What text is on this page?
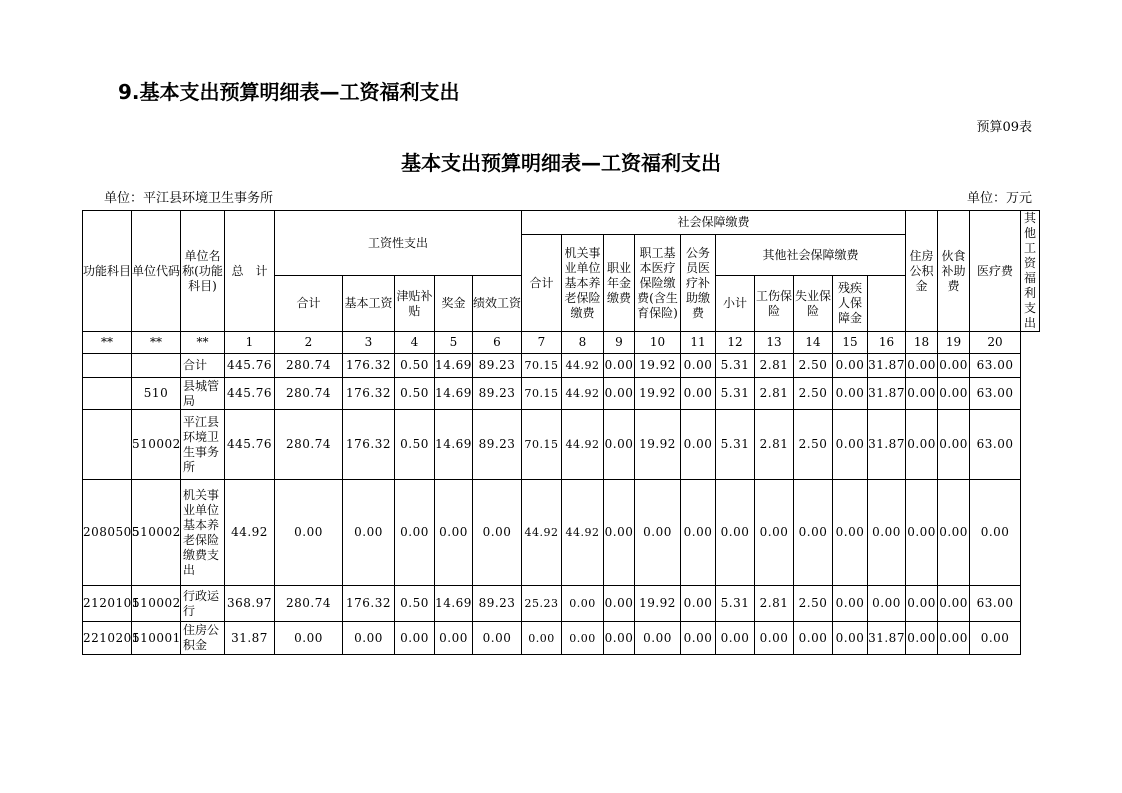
9.基本支出预算明细表—工资福利支出
预算09表
基本支出预算明细表—工资福利支出
单位：平江县环境卫生事务所	单位：万元
功能科目	单位代码	单位名称(功能科目)	总　计	工资性支出					社会保障缴费										住房公积金	伙食补助费	医疗费	其他工资福利支出
									合计	机关事业单位基本养老保险缴费	职业年金缴费	职工基本医疗保险缴费(含生育保险)	公务员医疗补助缴费	其他社会保障缴费								
				合计	基本工资	津贴补贴	奖金	绩效工资						小计	工伤保险	失业保险	残疾人保障金					
**	**	**	1	2	3	4	5	6	7	8	9	10	11	12	13	14	15	16	18	19	20	
		合计	445.76	280.74	176.32	0.50	14.69	89.23	70.15	44.92	0.00	19.92	0.00	5.31	2.81	2.50	0.00	31.87	0.00	0.00	63.00	
	510	县城管局	445.76	280.74	176.32	0.50	14.69	89.23	70.15	44.92	0.00	19.92	0.00	5.31	2.81	2.50	0.00	31.87	0.00	0.00	63.00	
	510002	平江县环境卫生事务所	445.76	280.74	176.32	0.50	14.69	89.23	70.15	44.92	0.00	19.92	0.00	5.31	2.81	2.50	0.00	31.87	0.00	0.00	63.00	
2080505	510002	机关事业单位基本养老保险缴费支出	44.92	0.00	0.00	0.00	0.00	0.00	44.92	44.92	0.00	0.00	0.00	0.00	0.00	0.00	0.00	0.00	0.00	0.00	0.00	
2120101	510002	行政运行	368.97	280.74	176.32	0.50	14.69	89.23	25.23	0.00	0.00	19.92	0.00	5.31	2.81	2.50	0.00	0.00	0.00	0.00	63.00	
2210201	510001	住房公积金	31.87	0.00	0.00	0.00	0.00	0.00	0.00	0.00	0.00	0.00	0.00	0.00	0.00	0.00	0.00	31.87	0.00	0.00	0.00	
